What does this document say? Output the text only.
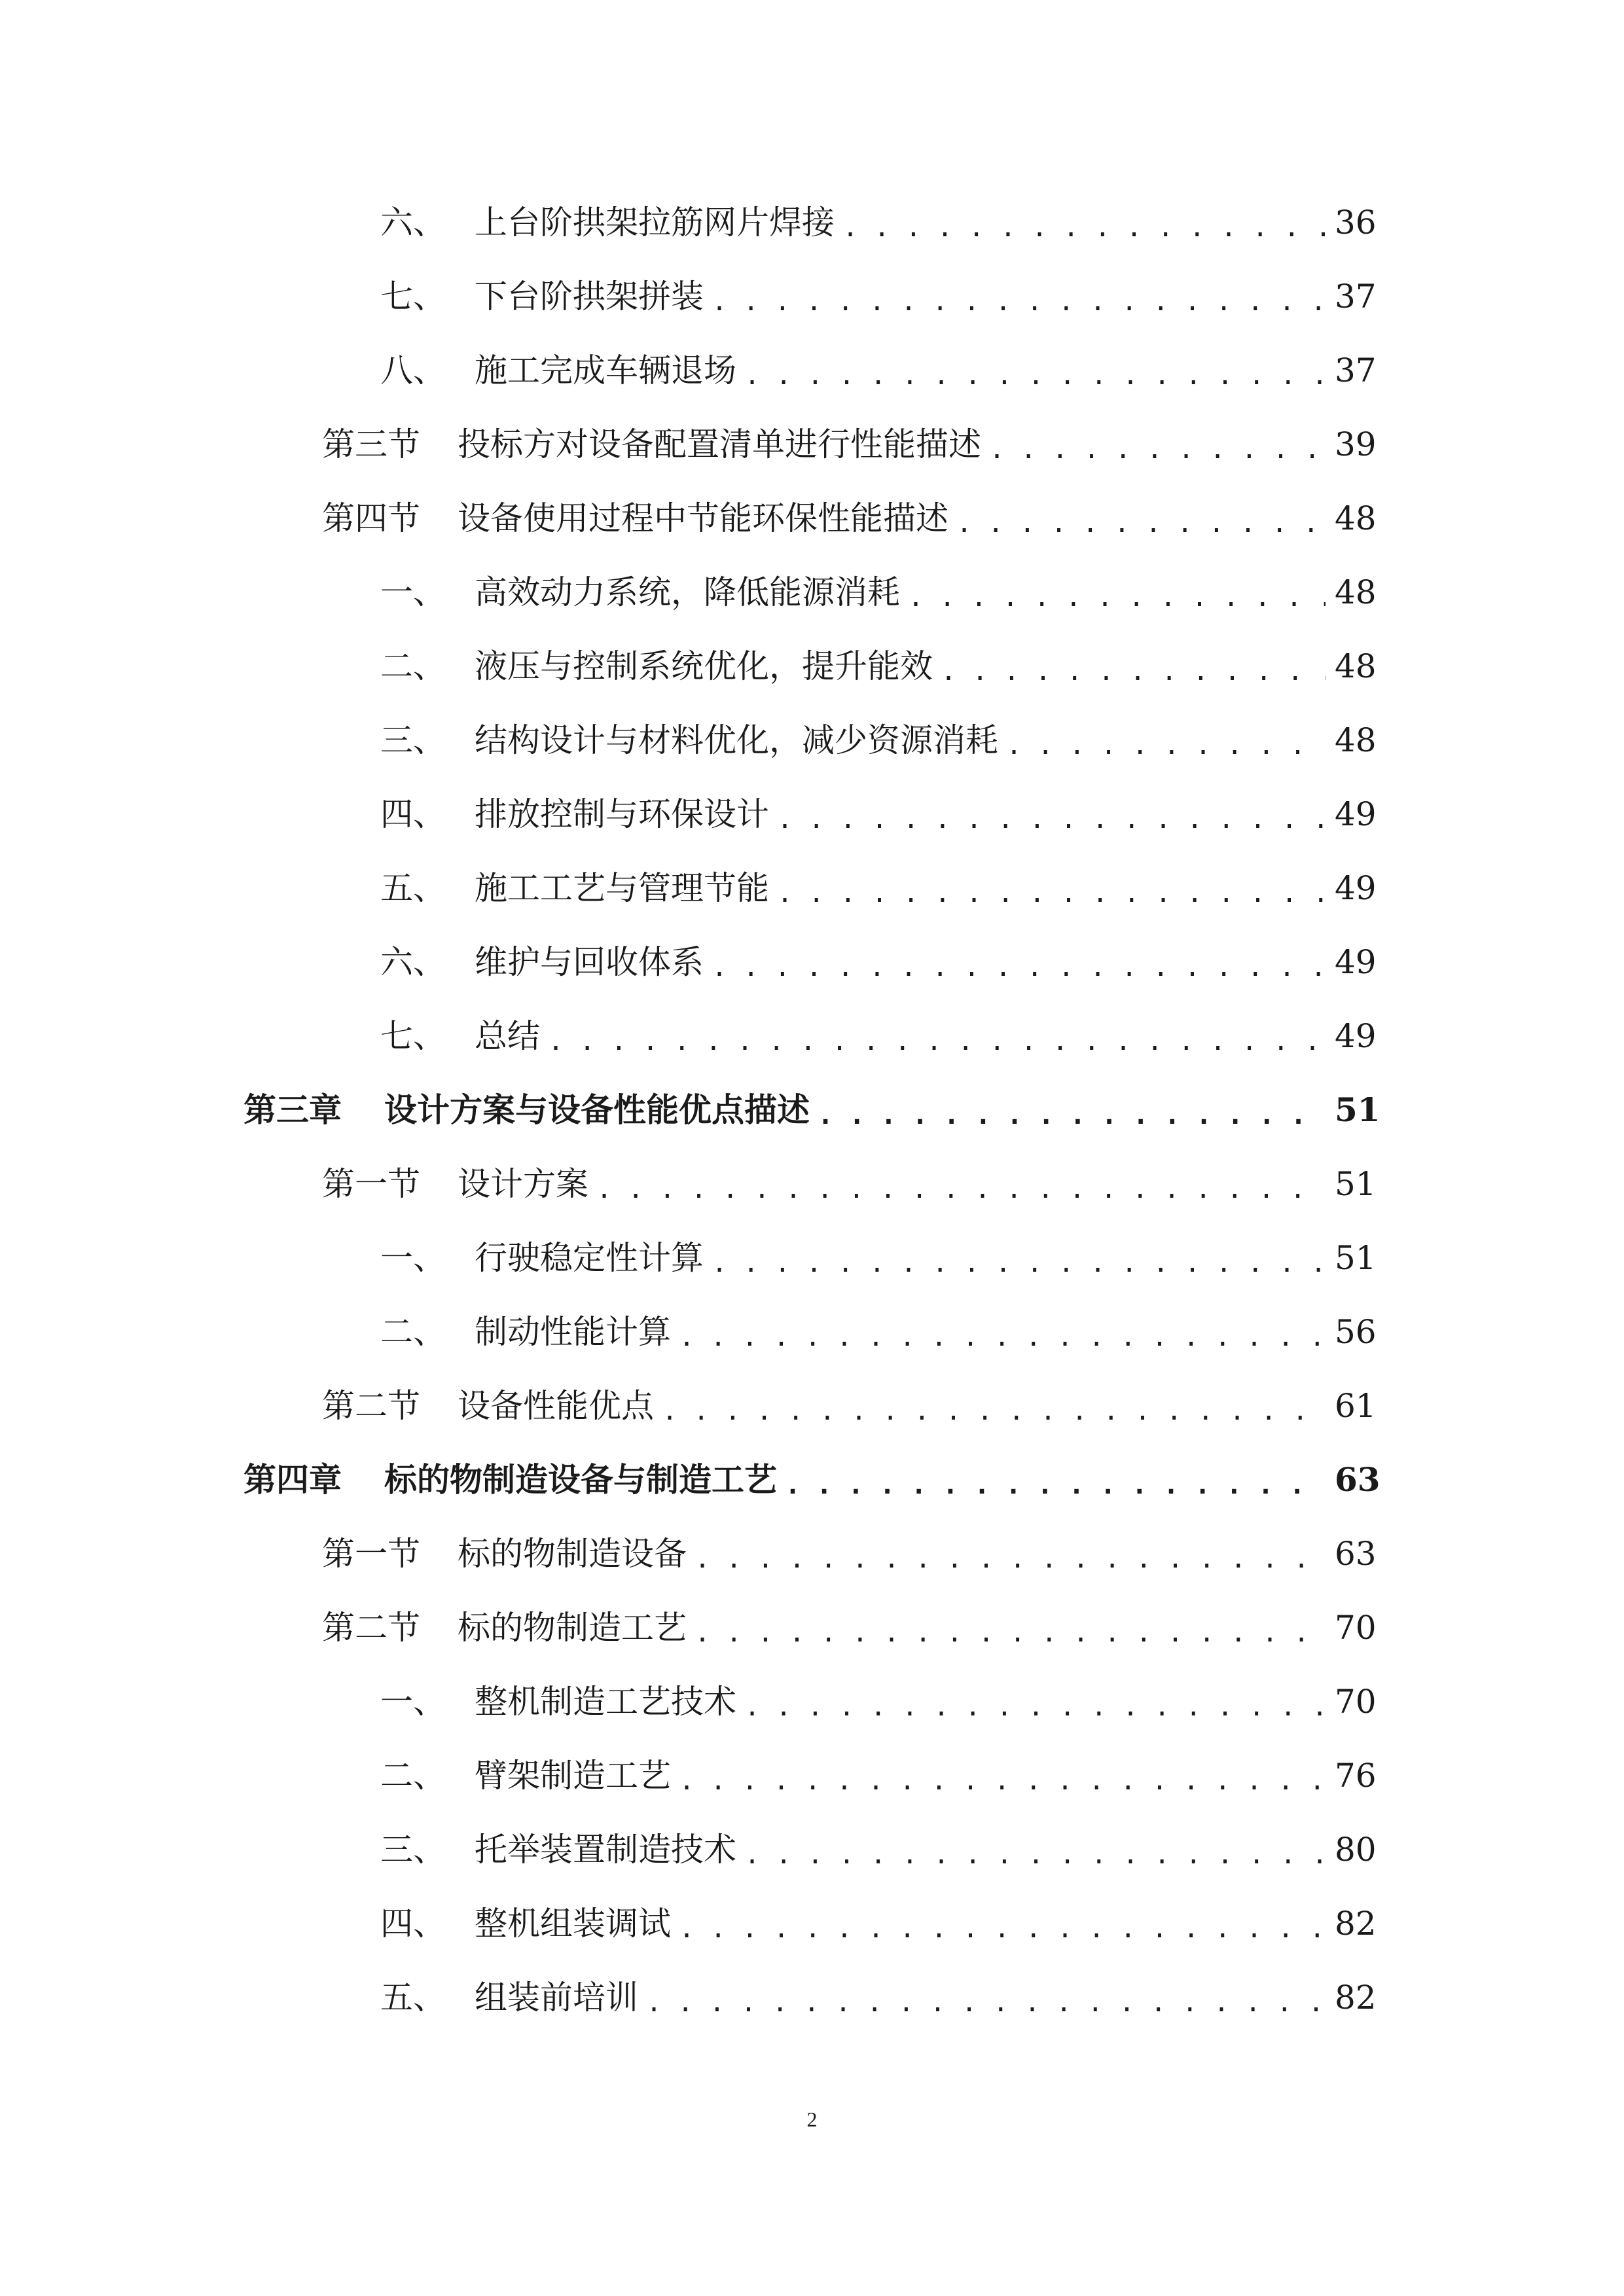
六、 上台阶拱架拉筋网片焊接 . . .	36
七、 下台阶拱架拼装 . . .	37
八、 施工完成车辆退场 . . .	37
第三节	投标方对设备配置清单进行性能描述 . . .	39
第四节	设备使用过程中节能环保性能描述 . . .	48
一、 高效动力系统，降低能源消耗 . . .	48
二、 液压与控制系统优化，提升能效 . . .	48
三、 结构设计与材料优化，减少资源消耗 . . .	48
四、 排放控制与环保设计 . . .	49
五、 施工工艺与管理节能 . . .	49
六、 维护与回收体系 . . .	49
七、 总结 . . .	49
第三章	设计方案与设备性能优点描述 . . .	51
第一节	设计方案 . . .	51
一、 行驶稳定性计算 . . .	51
二、 制动性能计算 . . .	56
第二节	设备性能优点 . . .	61
第四章	标的物制造设备与制造工艺 . . .	63
第一节	标的物制造设备 . . .	63
第二节	标的物制造工艺 . . .	70
一、 整机制造工艺技术 . . .	70
二、 臂架制造工艺 . . .	76
三、 托举装置制造技术 . . .	80
四、 整机组装调试 . . .	82
五、 组装前培训 . . .	82
2
